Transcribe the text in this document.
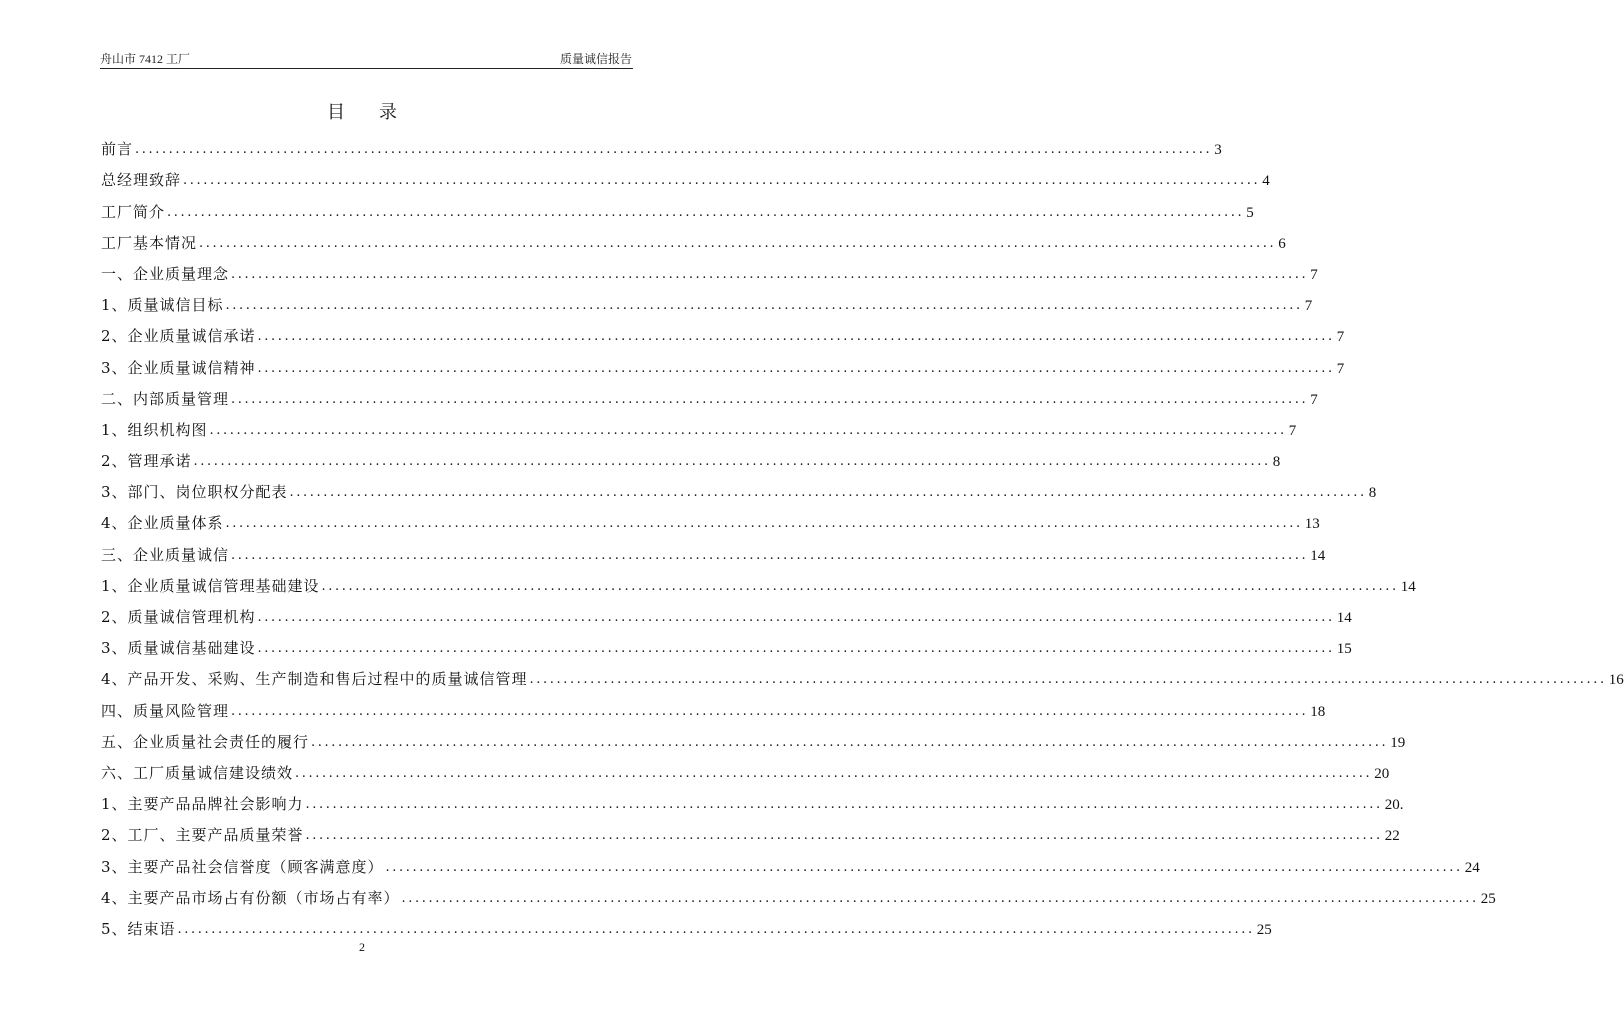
舟山市 7412 工厂	质量诚信报告
目录
前言 ................................................................................................................................................................ 3
总经理致辞 ................................................................................................................................................................ 4
工厂简介 ................................................................................................................................................................ 5
工厂基本情况 ................................................................................................................................................................ 6
一、企业质量理念 ................................................................................................................................................................ 7
1、质量诚信目标 ................................................................................................................................................................ 7
2、企业质量诚信承诺 ................................................................................................................................................................ 7
3、企业质量诚信精神 ................................................................................................................................................................ 7
二、内部质量管理 ................................................................................................................................................................ 7
1、组织机构图 ................................................................................................................................................................ 7
2、管理承诺 ................................................................................................................................................................ 8
3、部门、岗位职权分配表 ................................................................................................................................................................ 8
4、企业质量体系 ................................................................................................................................................................ 13
三、企业质量诚信 ................................................................................................................................................................ 14
1、企业质量诚信管理基础建设 ................................................................................................................................................................ 14
2、质量诚信管理机构 ................................................................................................................................................................ 14
3、质量诚信基础建设 ................................................................................................................................................................ 15
4、产品开发、采购、生产制造和售后过程中的质量诚信管理 ................................................................................................................................................................ 16
四、质量风险管理 ................................................................................................................................................................ 18
五、企业质量社会责任的履行 ................................................................................................................................................................ 19
六、工厂质量诚信建设绩效 ................................................................................................................................................................ 20
1、主要产品品牌社会影响力 ................................................................................................................................................................ 20.
2、工厂、主要产品质量荣誉 ................................................................................................................................................................ 22
3、主要产品社会信誉度（顾客满意度） ................................................................................................................................................................ 24
4、主要产品市场占有份额（市场占有率） ................................................................................................................................................................ 25
5、结束语 ................................................................................................................................................................ 25
2
